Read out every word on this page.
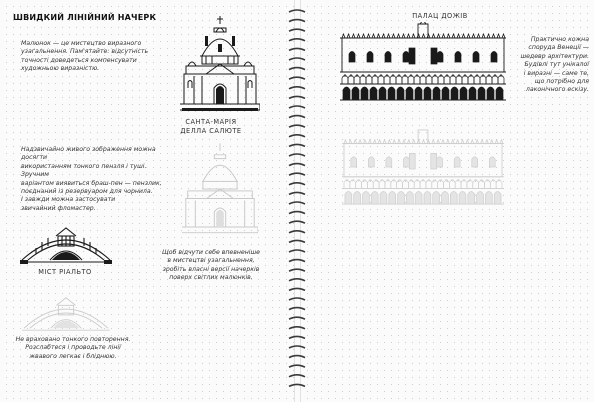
ШВИДКИЙ ЛІНІЙНИЙ НАЧЕРК

Малюнок — це мистецтво виразного
узагальнення. Пам'ятайте: відсутність
точності доведеться компенсувати
художньою виразністю.

Надзвичайно живого зображення можна досягти
використанням тонкого пензля і туші. Зручним
варіантом виявиться браш-пен — пензлик,
поєднаний із резервуаром для чорнила.
І завжди можна застосувати
звичайний фломастер.

Не враховано тонкого повторення.
Розслабтеся і проводьте лінії
жвавого легкає і бліднюю.

Щоб відчути себе впевненіше
в мистецтві узагальнення,
зробіть власні версії начерків
поверх світлих малюнків.

Практично кожна
споруда Венеції —
шедевр архітектури.
Будівлі тут унікалої
і виразні — саме те,
що потрібно для
лаконічного ескізу.

САНТА-МАРІЯ
ДЕЛЛА САЛЮТЕ
МІСТ РІАЛЬТО
ПАЛАЦ ДОЖІВ
